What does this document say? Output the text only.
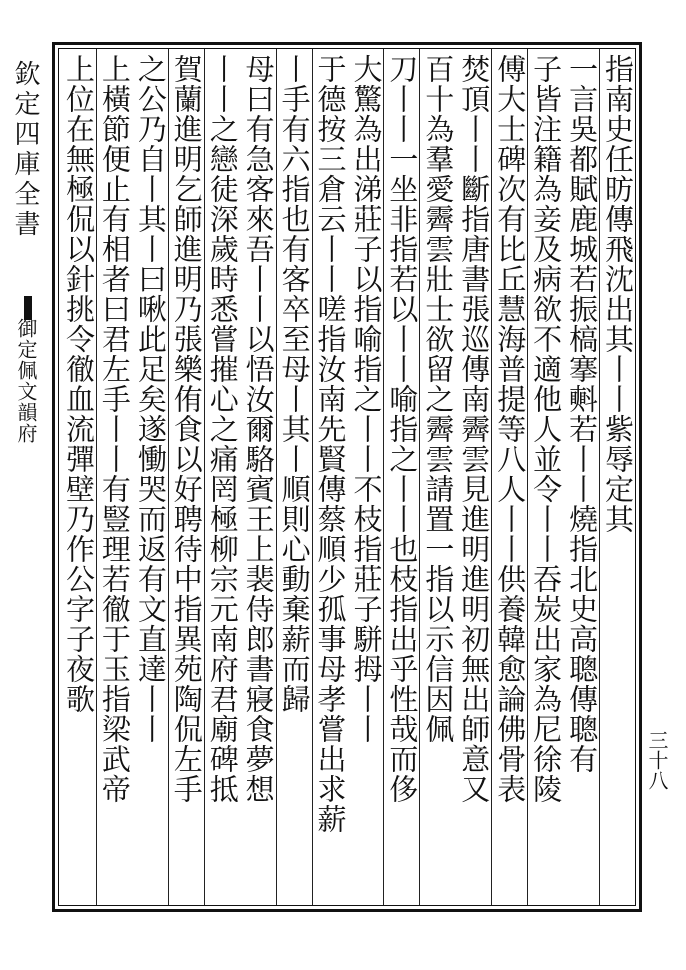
欽定四庫全書
御定佩文韻府
三十八
指南史任昉傳飛沈出其丨丨紫辱定其
一言吳都賦鹿城若振槁搴㪺若丨丨燒指北史高聰傳聰有
子皆注籍為妾及病欲不適他人並令丨丨吞炭出家為尼徐陵
傅大士碑次有比丘慧海普提等八人丨丨供養韓愈論佛骨表
焚頂丨丨斷指唐書張巡傳南霽雲見進明進明初無出師意又
百十為羣愛霽雲壯士欲留之霽雲請置一指以示信因佩
刀丨丨一坐非指若以丨丨喻指之丨丨也枝指出乎性哉而侈
大驚為出涕莊子以指喻指之丨丨不枝指莊子駢拇丨丨
于德按三倉云丨丨嗟指汝南先賢傳蔡順少孤事母孝嘗出求薪
丨手有六指也有客卒至母丨其丨順則心動棄薪而歸
母曰有急客來吾丨丨以悟汝爾駱賓王上裴侍郎書寢食夢想
丨丨之戀徒深歲時悉嘗摧心之痛罔極柳宗元南府君廟碑抵
賀蘭進明乞師進明乃張樂侑食以好聘待中指異苑陶侃左手
之公乃自丨其丨曰啾此足矣遂慟哭而返有文直達丨丨
上橫節便止有相者曰君左手丨丨有豎理若徹于玉指梁武帝
上位在無極侃以針挑令徹血流彈壁乃作公字子夜歌
